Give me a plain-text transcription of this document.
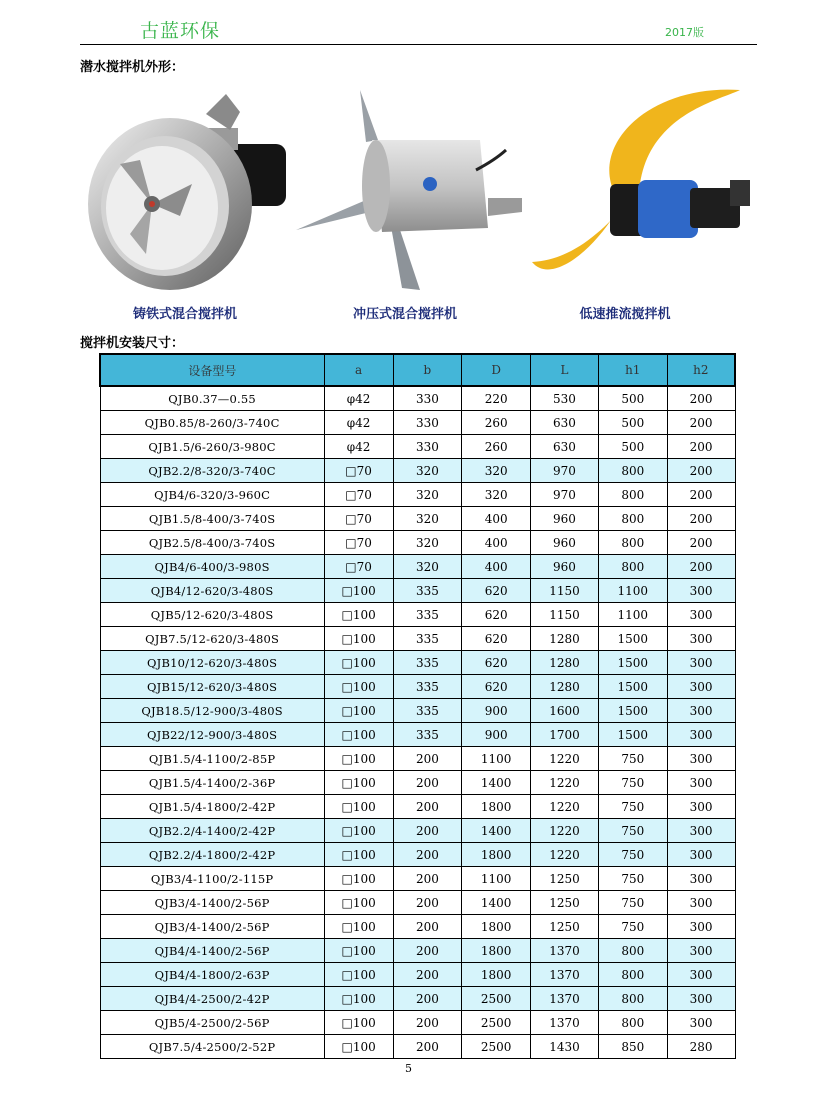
古蓝环保	2017版
潜水搅拌机外形：
铸铁式混合搅拌机	冲压式混合搅拌机	低速推流搅拌机
搅拌机安装尺寸：
设备型号	a	b	D	L	h1	h2
QJB0.37—0.55	φ42	330	220	530	500	200
QJB0.85/8-260/3-740C	φ42	330	260	630	500	200
QJB1.5/6-260/3-980C	φ42	330	260	630	500	200
QJB2.2/8-320/3-740C	□70	320	320	970	800	200
QJB4/6-320/3-960C	□70	320	320	970	800	200
QJB1.5/8-400/3-740S	□70	320	400	960	800	200
QJB2.5/8-400/3-740S	□70	320	400	960	800	200
QJB4/6-400/3-980S	□70	320	400	960	800	200
QJB4/12-620/3-480S	□100	335	620	1150	1100	300
QJB5/12-620/3-480S	□100	335	620	1150	1100	300
QJB7.5/12-620/3-480S	□100	335	620	1280	1500	300
QJB10/12-620/3-480S	□100	335	620	1280	1500	300
QJB15/12-620/3-480S	□100	335	620	1280	1500	300
QJB18.5/12-900/3-480S	□100	335	900	1600	1500	300
QJB22/12-900/3-480S	□100	335	900	1700	1500	300
QJB1.5/4-1100/2-85P	□100	200	1100	1220	750	300
QJB1.5/4-1400/2-36P	□100	200	1400	1220	750	300
QJB1.5/4-1800/2-42P	□100	200	1800	1220	750	300
QJB2.2/4-1400/2-42P	□100	200	1400	1220	750	300
QJB2.2/4-1800/2-42P	□100	200	1800	1220	750	300
QJB3/4-1100/2-115P	□100	200	1100	1250	750	300
QJB3/4-1400/2-56P	□100	200	1400	1250	750	300
QJB3/4-1400/2-56P	□100	200	1800	1250	750	300
QJB4/4-1400/2-56P	□100	200	1800	1370	800	300
QJB4/4-1800/2-63P	□100	200	1800	1370	800	300
QJB4/4-2500/2-42P	□100	200	2500	1370	800	300
QJB5/4-2500/2-56P	□100	200	2500	1370	800	300
QJB7.5/4-2500/2-52P	□100	200	2500	1430	850	280
5
